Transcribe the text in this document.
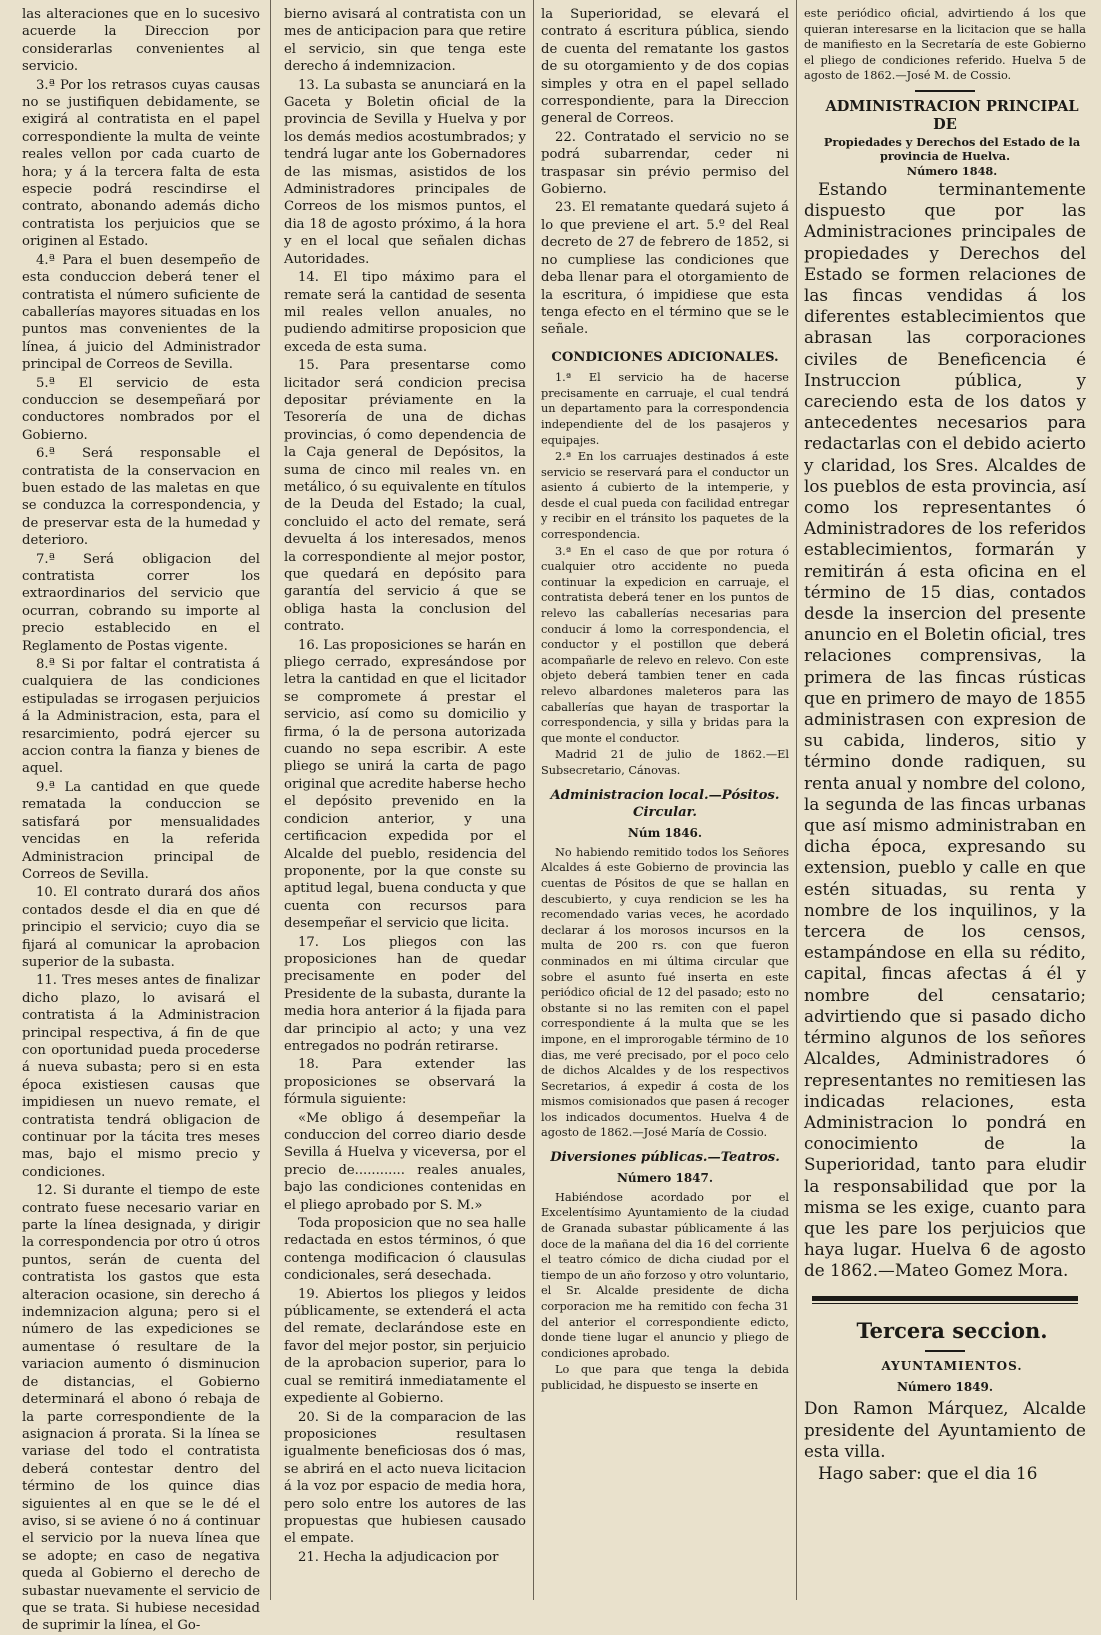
las alteraciones que en lo sucesivo acuerde la Direccion por considerarlas convenientes al servicio.

3.ª Por los retrasos cuyas causas no se justifiquen debidamente, se exigirá al contratista en el papel correspondiente la multa de veinte reales vellon por cada cuarto de hora; y á la tercera falta de esta especie podrá rescindirse el contrato, abonando además dicho contratista los perjuicios que se originen al Estado.

4.ª Para el buen desempeño de esta conduccion deberá tener el contratista el número suficiente de caballerías mayores situadas en los puntos mas convenientes de la línea, á juicio del Administrador principal de Correos de Sevilla.

5.ª El servicio de esta conduccion se desempeñará por conductores nombrados por el Gobierno.

6.ª Será responsable el contratista de la conservacion en buen estado de las maletas en que se conduzca la correspondencia, y de preservar esta de la humedad y deterioro.

7.ª Será obligacion del contratista correr los extraordinarios del servicio que ocurran, cobrando su importe al precio establecido en el Reglamento de Postas vigente.

8.ª Si por faltar el contratista á cualquiera de las condiciones estipuladas se irrogasen perjuicios á la Administracion, esta, para el resarcimiento, podrá ejercer su accion contra la fianza y bienes de aquel.

9.ª La cantidad en que quede rematada la conduccion se satisfará por mensualidades vencidas en la referida Administracion principal de Correos de Sevilla.

10. El contrato durará dos años contados desde el dia en que dé principio el servicio; cuyo dia se fijará al comunicar la aprobacion superior de la subasta.

11. Tres meses antes de finalizar dicho plazo, lo avisará el contratista á la Administracion principal respectiva, á fin de que con oportunidad pueda procederse á nueva subasta; pero si en esta época existiesen causas que impidiesen un nuevo remate, el contratista tendrá obligacion de continuar por la tácita tres meses mas, bajo el mismo precio y condiciones.

12. Si durante el tiempo de este contrato fuese necesario variar en parte la línea designada, y dirigir la correspondencia por otro ú otros puntos, serán de cuenta del contratista los gastos que esta alteracion ocasione, sin derecho á indemnizacion alguna; pero si el número de las expediciones se aumentase ó resultare de la variacion aumento ó disminucion de distancias, el Gobierno determinará el abono ó rebaja de la parte correspondiente de la asignacion á prorata. Si la línea se variase del todo el contratista deberá contestar dentro del término de los quince dias siguientes al en que se le dé el aviso, si se aviene ó no á continuar el servicio por la nueva línea que se adopte; en caso de negativa queda al Gobierno el derecho de subastar nuevamente el servicio de que se trata. Si hubiese necesidad de suprimir la línea, el Go-

bierno avisará al contratista con un mes de anticipacion para que retire el servicio, sin que tenga este derecho á indemnizacion.

13. La subasta se anunciará en la Gaceta y Boletin oficial de la provincia de Sevilla y Huelva y por los demás medios acostumbrados; y tendrá lugar ante los Gobernadores de las mismas, asistidos de los Administradores principales de Correos de los mismos puntos, el dia 18 de agosto próximo, á la hora y en el local que señalen dichas Autoridades.

14. El tipo máximo para el remate será la cantidad de sesenta mil reales vellon anuales, no pudiendo admitirse proposicion que exceda de esta suma.

15. Para presentarse como licitador será condicion precisa depositar préviamente en la Tesorería de una de dichas provincias, ó como dependencia de la Caja general de Depósitos, la suma de cinco mil reales vn. en metálico, ó su equivalente en títulos de la Deuda del Estado; la cual, concluido el acto del remate, será devuelta á los interesados, menos la correspondiente al mejor postor, que quedará en depósito para garantía del servicio á que se obliga hasta la conclusion del contrato.

16. Las proposiciones se harán en pliego cerrado, expresándose por letra la cantidad en que el licitador se compromete á prestar el servicio, así como su domicilio y firma, ó la de persona autorizada cuando no sepa escribir. A este pliego se unirá la carta de pago original que acredite haberse hecho el depósito prevenido en la condicion anterior, y una certificacion expedida por el Alcalde del pueblo, residencia del proponente, por la que conste su aptitud legal, buena conducta y que cuenta con recursos para desempeñar el servicio que licita.

17. Los pliegos con las proposiciones han de quedar precisamente en poder del Presidente de la subasta, durante la media hora anterior á la fijada para dar principio al acto; y una vez entregados no podrán retirarse.

18. Para extender las proposiciones se observará la fórmula siguiente:

«Me obligo á desempeñar la conduccion del correo diario desde Sevilla á Huelva y viceversa, por el precio de............ reales anuales, bajo las condiciones contenidas en el pliego aprobado por S. M.»

Toda proposicion que no sea halle redactada en estos términos, ó que contenga modificacion ó clausulas condicionales, será desechada.

19. Abiertos los pliegos y leidos públicamente, se extenderá el acta del remate, declarándose este en favor del mejor postor, sin perjuicio de la aprobacion superior, para lo cual se remitirá inmediatamente el expediente al Gobierno.

20. Si de la comparacion de las proposiciones resultasen igualmente beneficiosas dos ó mas, se abrirá en el acto nueva licitacion á la voz por espacio de media hora, pero solo entre los autores de las propuestas que hubiesen causado el empate.

21. Hecha la adjudicacion por

la Superioridad, se elevará el contrato á escritura pública, siendo de cuenta del rematante los gastos de su otorgamiento y de dos copias simples y otra en el papel sellado correspondiente, para la Direccion general de Correos.

22. Contratado el servicio no se podrá subarrendar, ceder ni traspasar sin prévio permiso del Gobierno.

23. El rematante quedará sujeto á lo que previene el art. 5.º del Real decreto de 27 de febrero de 1852, si no cumpliese las condiciones que deba llenar para el otorgamiento de la escritura, ó impidiese que esta tenga efecto en el término que se le señale.

CONDICIONES ADICIONALES.

1.ª El servicio ha de hacerse precisamente en carruaje, el cual tendrá un departamento para la correspondencia independiente del de los pasajeros y equipajes.

2.ª En los carruajes destinados á este servicio se reservará para el conductor un asiento á cubierto de la intemperie, y desde el cual pueda con facilidad entregar y recibir en el tránsito los paquetes de la correspondencia.

3.ª En el caso de que por rotura ó cualquier otro accidente no pueda continuar la expedicion en carruaje, el contratista deberá tener en los puntos de relevo las caballerías necesarias para conducir á lomo la correspondencia, el conductor y el postillon que deberá acompañarle de relevo en relevo. Con este objeto deberá tambien tener en cada relevo albardones maleteros para las caballerías que hayan de trasportar la correspondencia, y silla y bridas para la que monte el conductor.

Madrid 21 de julio de 1862.—El Subsecretario, Cánovas.

Administracion local.—Pósitos. Circular.

Núm 1846.

No habiendo remitido todos los Señores Alcaldes á este Gobierno de provincia las cuentas de Pósitos de que se hallan en descubierto, y cuya rendicion se les ha recomendado varias veces, he acordado declarar á los morosos incursos en la multa de 200 rs. con que fueron conminados en mi última circular que sobre el asunto fué inserta en este periódico oficial de 12 del pasado; esto no obstante si no las remiten con el papel correspondiente á la multa que se les impone, en el improrogable término de 10 dias, me veré precisado, por el poco celo de dichos Alcaldes y de los respectivos Secretarios, á expedir á costa de los mismos comisionados que pasen á recoger los indicados documentos. Huelva 4 de agosto de 1862.—José María de Cossio.

Diversiones públicas.—Teatros.

Número 1847.

Habiéndose acordado por el Excelentísimo Ayuntamiento de la ciudad de Granada subastar públicamente á las doce de la mañana del dia 16 del corriente el teatro cómico de dicha ciudad por el tiempo de un año forzoso y otro voluntario, el Sr. Alcalde presidente de dicha corporacion me ha remitido con fecha 31 del anterior el correspondiente edicto, donde tiene lugar el anuncio y pliego de condiciones aprobado.

Lo que para que tenga la debida publicidad, he dispuesto se inserte en

este periódico oficial, advirtiendo á los que quieran interesarse en la licitacion que se halla de manifiesto en la Secretaría de este Gobierno el pliego de condiciones referido. Huelva 5 de agosto de 1862.—José M. de Cossio.

ADMINISTRACION PRINCIPAL DE

Propiedades y Derechos del Estado de la provincia de Huelva.

Número 1848.

Estando terminantemente dispuesto que por las Administraciones principales de propiedades y Derechos del Estado se formen relaciones de las fincas vendidas á los diferentes establecimientos que abrasan las corporaciones civiles de Beneficencia é Instruccion pública, y careciendo esta de los datos y antecedentes necesarios para redactarlas con el debido acierto y claridad, los Sres. Alcaldes de los pueblos de esta provincia, así como los representantes ó Administradores de los referidos establecimientos, formarán y remitirán á esta oficina en el término de 15 dias, contados desde la insercion del presente anuncio en el Boletin oficial, tres relaciones comprensivas, la primera de las fincas rústicas que en primero de mayo de 1855 administrasen con expresion de su cabida, linderos, sitio y término donde radiquen, su renta anual y nombre del colono, la segunda de las fincas urbanas que así mismo administraban en dicha época, expresando su extension, pueblo y calle en que estén situadas, su renta y nombre de los inquilinos, y la tercera de los censos, estampándose en ella su rédito, capital, fincas afectas á él y nombre del censatario; advirtiendo que si pasado dicho término algunos de los señores Alcaldes, Administradores ó representantes no remitiesen las indicadas relaciones, esta Administracion lo pondrá en conocimiento de la Superioridad, tanto para eludir la responsabilidad que por la misma se les exige, cuanto para que les pare los perjuicios que haya lugar. Huelva 6 de agosto de 1862.—Mateo Gomez Mora.

Tercera seccion.

AYUNTAMIENTOS.

Número 1849.

Don Ramon Márquez, Alcalde presidente del Ayuntamiento de esta villa.

Hago saber: que el dia 16
